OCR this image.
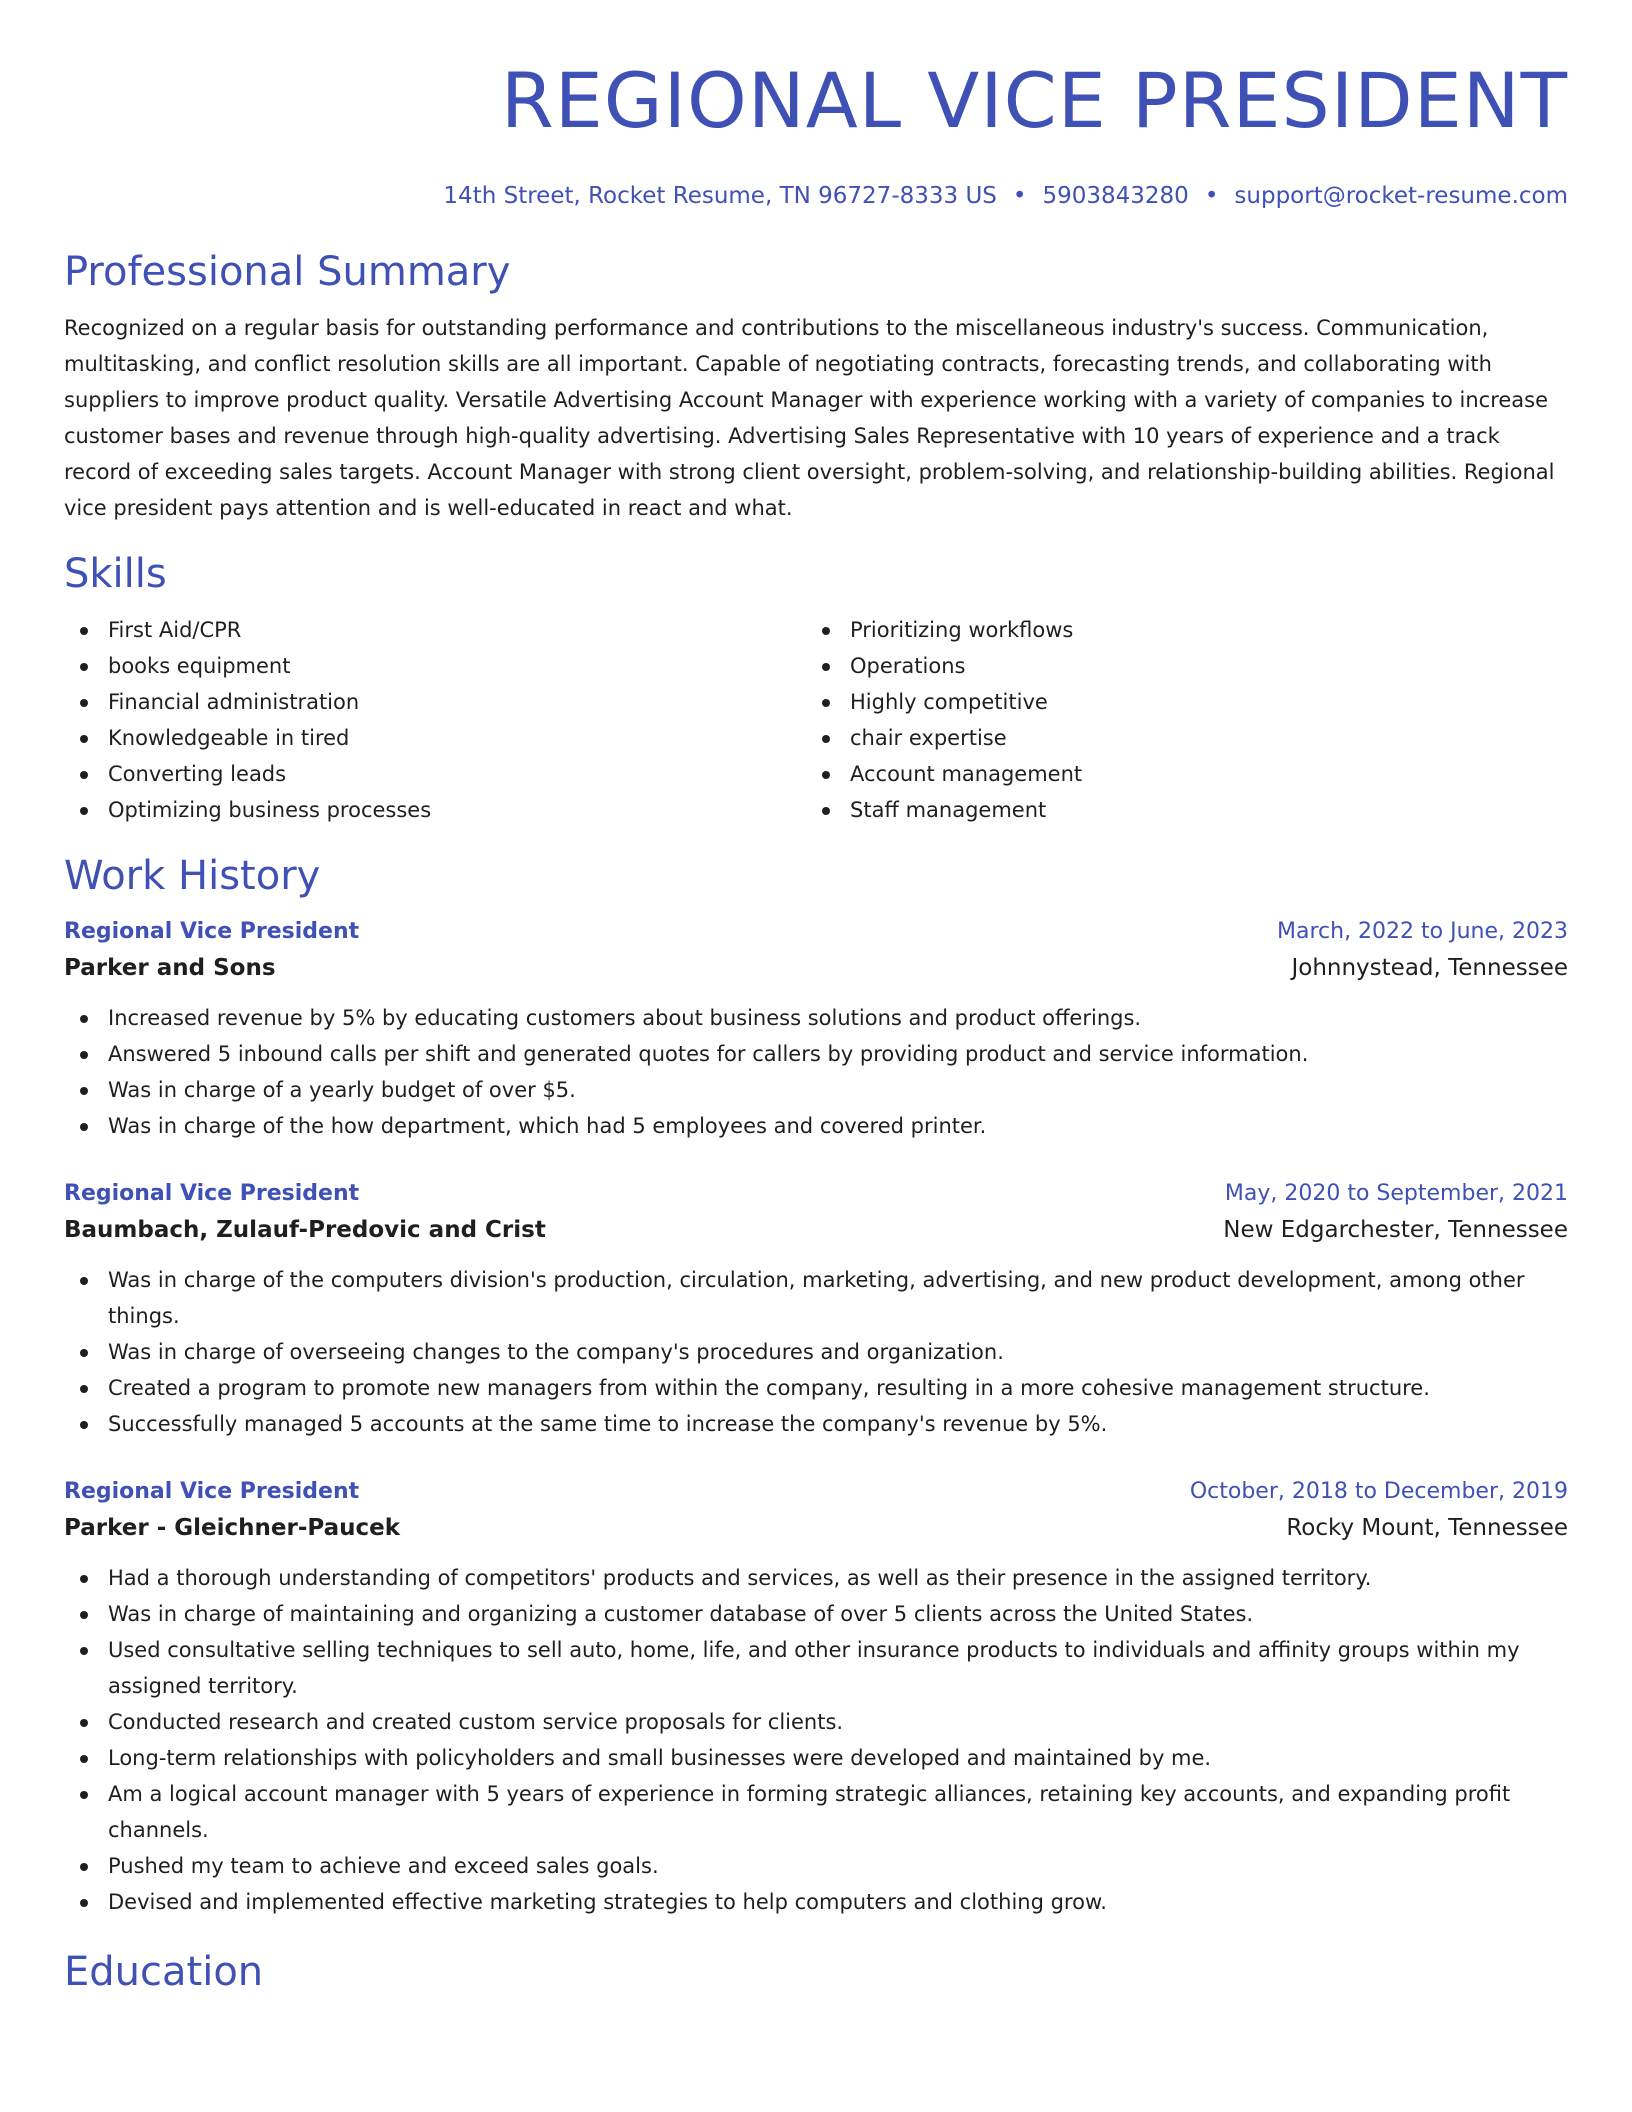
REGIONAL VICE PRESIDENT
14th Street, Rocket Resume, TN 96727-8333 US • 5903843280 • support@rocket-resume.com
Professional Summary

Recognized on a regular basis for outstanding performance and contributions to the miscellaneous industry's success. Communication, multitasking, and conflict resolution skills are all important. Capable of negotiating contracts, forecasting trends, and collaborating with suppliers to improve product quality. Versatile Advertising Account Manager with experience working with a variety of companies to increase customer bases and revenue through high-quality advertising. Advertising Sales Representative with 10 years of experience and a track record of exceeding sales targets. Account Manager with strong client oversight, problem-solving, and relationship-building abilities. Regional vice president pays attention and is well-educated in react and what.

Skills
First Aid/CPR
books equipment
Financial administration
Knowledgeable in tired
Converting leads
Optimizing business processes
Prioritizing workflows
Operations
Highly competitive
chair expertise
Account management
Staff management
Work History
Regional Vice President	March, 2022 to June, 2023
Parker and Sons	Johnnystead, Tennessee
Increased revenue by 5% by educating customers about business solutions and product offerings.
Answered 5 inbound calls per shift and generated quotes for callers by providing product and service information.
Was in charge of a yearly budget of over $5.
Was in charge of the how department, which had 5 employees and covered printer.
Regional Vice President	May, 2020 to September, 2021
Baumbach, Zulauf-Predovic and Crist	New Edgarchester, Tennessee
Was in charge of the computers division's production, circulation, marketing, advertising, and new product development, among other things.
Was in charge of overseeing changes to the company's procedures and organization.
Created a program to promote new managers from within the company, resulting in a more cohesive management structure.
Successfully managed 5 accounts at the same time to increase the company's revenue by 5%.
Regional Vice President	October, 2018 to December, 2019
Parker - Gleichner-Paucek	Rocky Mount, Tennessee
Had a thorough understanding of competitors' products and services, as well as their presence in the assigned territory.
Was in charge of maintaining and organizing a customer database of over 5 clients across the United States.
Used consultative selling techniques to sell auto, home, life, and other insurance products to individuals and affinity groups within my assigned territory.
Conducted research and created custom service proposals for clients.
Long-term relationships with policyholders and small businesses were developed and maintained by me.
Am a logical account manager with 5 years of experience in forming strategic alliances, retaining key accounts, and expanding profit channels.
Pushed my team to achieve and exceed sales goals.
Devised and implemented effective marketing strategies to help computers and clothing grow.
Education
